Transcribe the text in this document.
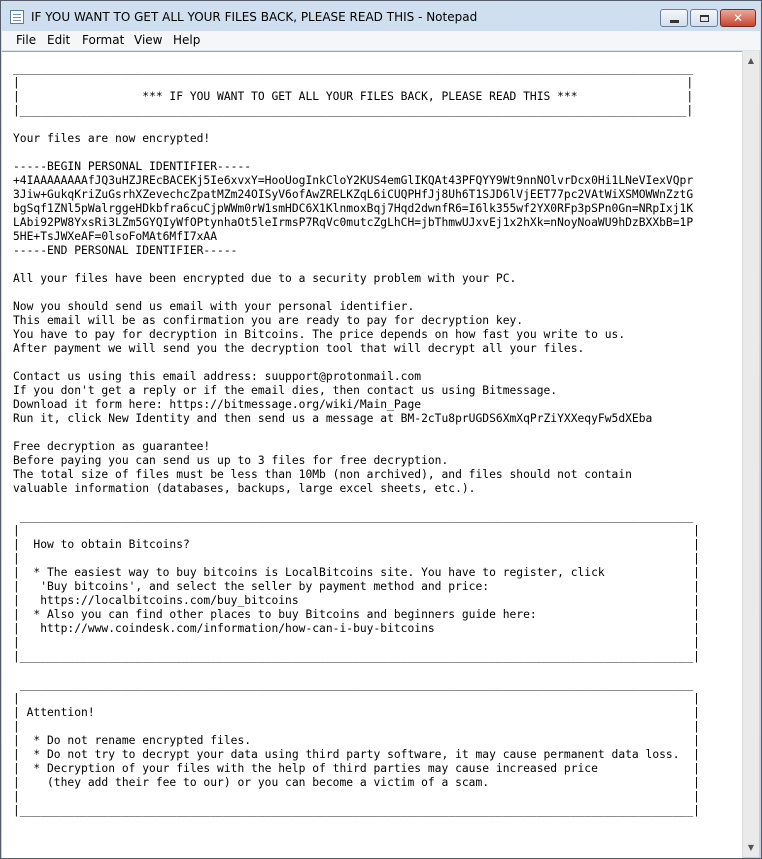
IF YOU WANT TO GET ALL YOUR FILES BACK, PLEASE READ THIS - Notepad	✕
File Edit Format View Help

____________________________________________________________________________________________________
|                                                                                                  |
|                  *** IF YOU WANT TO GET ALL YOUR FILES BACK, PLEASE READ THIS ***                |
|__________________________________________________________________________________________________|

Your files are now encrypted!

-----BEGIN PERSONAL IDENTIFIER-----
+4IAAAAAAAAfJQ3uHZJREcBACEKj5Ie6xvxY=HooUogInkCloY2KUS4emGlIKQAt43PFQYY9Wt9nnNOlvrDcx0Hi1LNeVIexVQpr
3Jiw+GukqKriZuGsrhXZevechcZpatMZm24OISyV6ofAwZRELKZqL6iCUQPHfJj8Uh6T1SJD6lVjEET77pc2VAtWiXSMOWWnZztG
bgSqf1ZNl5pWalrggeHDkbfra6cuCjpWWm0rW1smHDC6X1KlnmoxBqj7Hqd2dwnfR6=I6lk355wf2YX0RFp3pSPn0Gn=NRpIxj1K
LAbi92PW8YxsRi3LZm5GYQIyWfOPtynhaOt5leIrmsP7RqVc0mutcZgLhCH=jbThmwUJxvEj1x2hXk=nNoyNoaWU9hDzBXXbB=1P
5HE+TsJWXeAF=0lsoFoMAt6MfI7xAA
-----END PERSONAL IDENTIFIER-----

All your files have been encrypted due to a security problem with your PC.

Now you should send us email with your personal identifier.
This email will be as confirmation you are ready to pay for decryption key.
You have to pay for decryption in Bitcoins. The price depends on how fast you write to us.
After payment we will send you the decryption tool that will decrypt all your files.

Contact us using this email address: suupport@protonmail.com
If you don't get a reply or if the email dies, then contact us using Bitmessage.
Download it form here: https://bitmessage.org/wiki/Main_Page
Run it, click New Identity and then send us a message at BM-2cTu8prUGDS6XmXqPrZiYXXeqyFw5dXEba

Free decryption as guarantee!
Before paying you can send us up to 3 files for free decryption.
The total size of files must be less than 10Mb (non archived), and files should not contain
valuable information (databases, backups, large excel sheets, etc.).

___________________________________________________________________________________________________
|                                                                                                   |
|  How to obtain Bitcoins?                                                                          |
|                                                                                                   |
|  * The easiest way to buy bitcoins is LocalBitcoins site. You have to register, click             |
|   'Buy bitcoins', and select the seller by payment method and price:                              |
|   https://localbitcoins.com/buy_bitcoins                                                          |
|  * Also you can find other places to buy Bitcoins and beginners guide here:                       |
|   http://www.coindesk.com/information/how-can-i-buy-bitcoins                                      |
|                                                                                                   |
|___________________________________________________________________________________________________|

___________________________________________________________________________________________________
|                                                                                                   |
| Attention!                                                                                        |
|                                                                                                   |
|  * Do not rename encrypted files.                                                                 |
|  * Do not try to decrypt your data using third party software, it may cause permanent data loss.  |
|  * Decryption of your files with the help of third parties may cause increased price              |
|    (they add their fee to our) or you can become a victim of a scam.                              |
|                                                                                                   |
|___________________________________________________________________________________________________|
▲
▼
